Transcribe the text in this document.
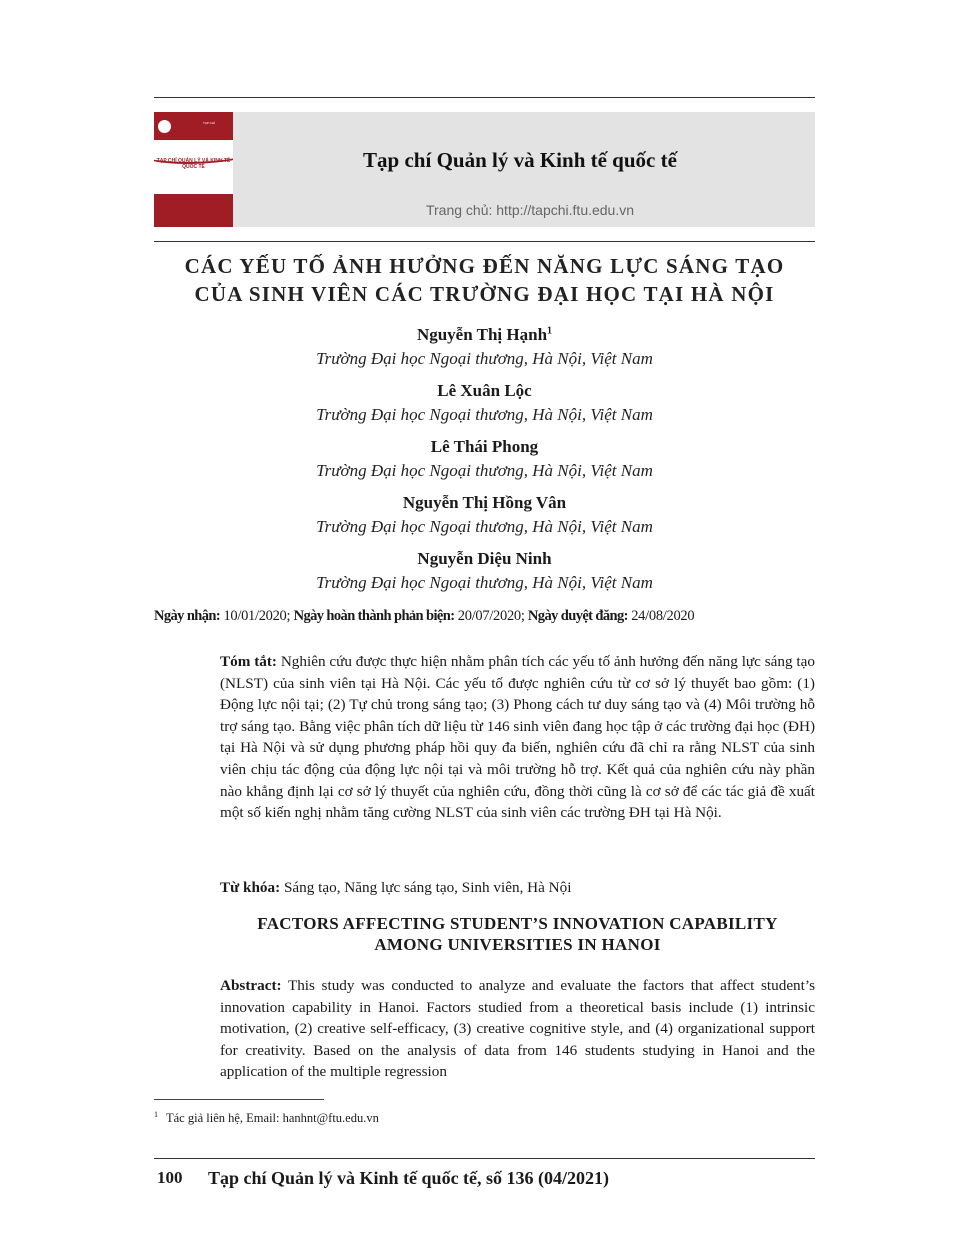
TẠP CHÍ
TẠP CHÍ QUẢN LÝ VÀ KINH TẾ QUỐC TẾ	Tạp chí Quản lý và Kinh tế quốc tế
Trang chủ: http://tapchi.ftu.edu.vn
CÁC YẾU TỐ ẢNH HƯỞNG ĐẾN NĂNG LỰC SÁNG TẠO
CỦA SINH VIÊN CÁC TRƯỜNG ĐẠI HỌC TẠI HÀ NỘI
Nguyễn Thị Hạnh$^1$
Trường Đại học Ngoại thương, Hà Nội, Việt Nam
Lê Xuân Lộc
Trường Đại học Ngoại thương, Hà Nội, Việt Nam
Lê Thái Phong
Trường Đại học Ngoại thương, Hà Nội, Việt Nam
Nguyễn Thị Hồng Vân
Trường Đại học Ngoại thương, Hà Nội, Việt Nam
Nguyễn Diệu Ninh
Trường Đại học Ngoại thương, Hà Nội, Việt Nam
Ngày nhận: 10/01/2020; Ngày hoàn thành phản biện: 20/07/2020; Ngày duyệt đăng: 24/08/2020
Tóm tắt: Nghiên cứu được thực hiện nhằm phân tích các yếu tố ảnh hưởng đến năng lực sáng tạo (NLST) của sinh viên tại Hà Nội. Các yếu tố được nghiên cứu từ cơ sở lý thuyết bao gồm: (1) Động lực nội tại; (2) Tự chủ trong sáng tạo; (3) Phong cách tư duy sáng tạo và (4) Môi trường hỗ trợ sáng tạo. Bằng việc phân tích dữ liệu từ 146 sinh viên đang học tập ở các trường đại học (ĐH) tại Hà Nội và sử dụng phương pháp hồi quy đa biến, nghiên cứu đã chỉ ra rằng NLST của sinh viên chịu tác động của động lực nội tại và môi trường hỗ trợ. Kết quả của nghiên cứu này phần nào khẳng định lại cơ sở lý thuyết của nghiên cứu, đồng thời cũng là cơ sở để các tác giả đề xuất một số kiến nghị nhằm tăng cường NLST của sinh viên các trường ĐH tại Hà Nội.
Từ khóa: Sáng tạo, Năng lực sáng tạo, Sinh viên, Hà Nội
FACTORS AFFECTING STUDENT’S INNOVATION CAPABILITY
AMONG UNIVERSITIES IN HANOI
Abstract: This study was conducted to analyze and evaluate the factors that affect student’s innovation capability in Hanoi. Factors studied from a theoretical basis include (1) intrinsic motivation, (2) creative self-efficacy, (3) creative cognitive style, and (4) organizational support for creativity. Based on the analysis of data from 146 students studying in Hanoi and the application of the multiple regression
$^1$ Tác giả liên hệ, Email: hanhnt@ftu.edu.vn
100 Tạp chí Quản lý và Kinh tế quốc tế, số 136 (04/2021)
